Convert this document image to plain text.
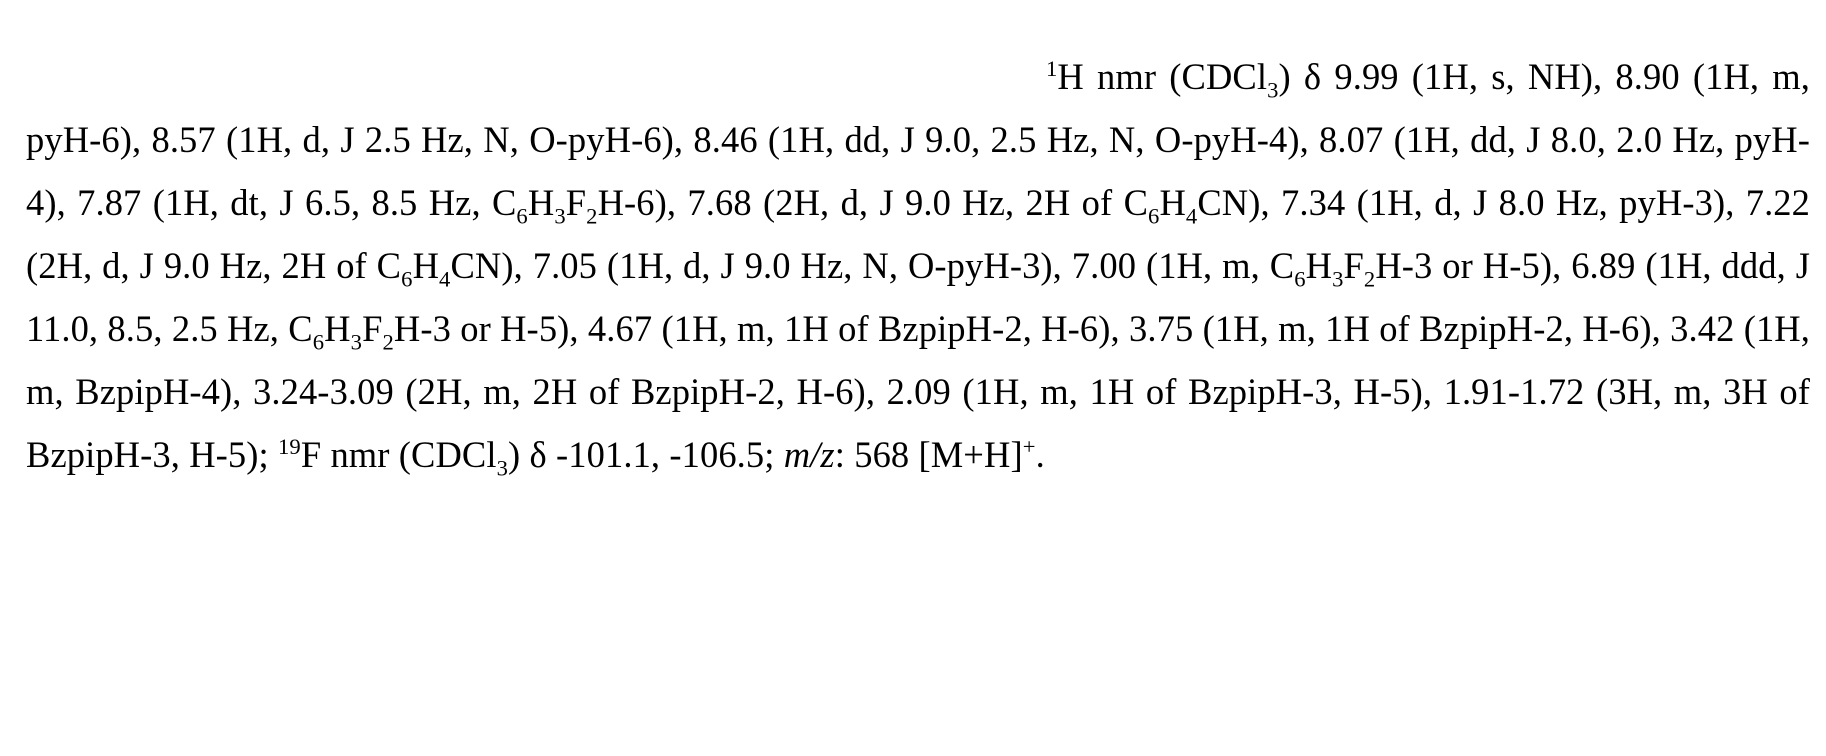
$^1$H nmr (CDCl$_3$) δ 9.99 (1H, s, NH), 8.90 (1H, m, pyH-6), 8.57 (1H, d, J 2.5 Hz, N, O-pyH-6), 8.46 (1H, dd, J 9.0, 2.5 Hz, N, O-pyH-4), 8.07 (1H, dd, J 8.0, 2.0 Hz, pyH-4), 7.87 (1H, dt, J 6.5, 8.5 Hz, $C_6H_3F_2H-6$), 7.68 (2H, d, J 9.0 Hz, 2H of $C_6H_4CN$), 7.34 (1H, d, J 8.0 Hz, pyH-3), 7.22 (2H, d, J 9.0 Hz, 2H of $C_6H_4CN$), 7.05 (1H, d, J 9.0 Hz, N, O-pyH-3), 7.00 (1H, m, $C_6H_3F_2H-3$ or H-5), 6.89 (1H, ddd, J 11.0, 8.5, 2.5 Hz, $C_6H_3F_2H-3$ or H-5), 4.67 (1H, m, 1H of BzpipH-2, H-6), 3.75 (1H, m, 1H of BzpipH-2, H-6), 3.42 (1H, m, BzpipH-4), 3.24-3.09 (2H, m, 2H of BzpipH-2, H-6), 2.09 (1H, m, 1H of BzpipH-3, H-5), 1.91-1.72 (3H, m, 3H of BzpipH-3, H-5); $^{19}$F nmr (CDCl$_3$) δ -101.1, -106.5; m/z: 568 [M+H]+.
